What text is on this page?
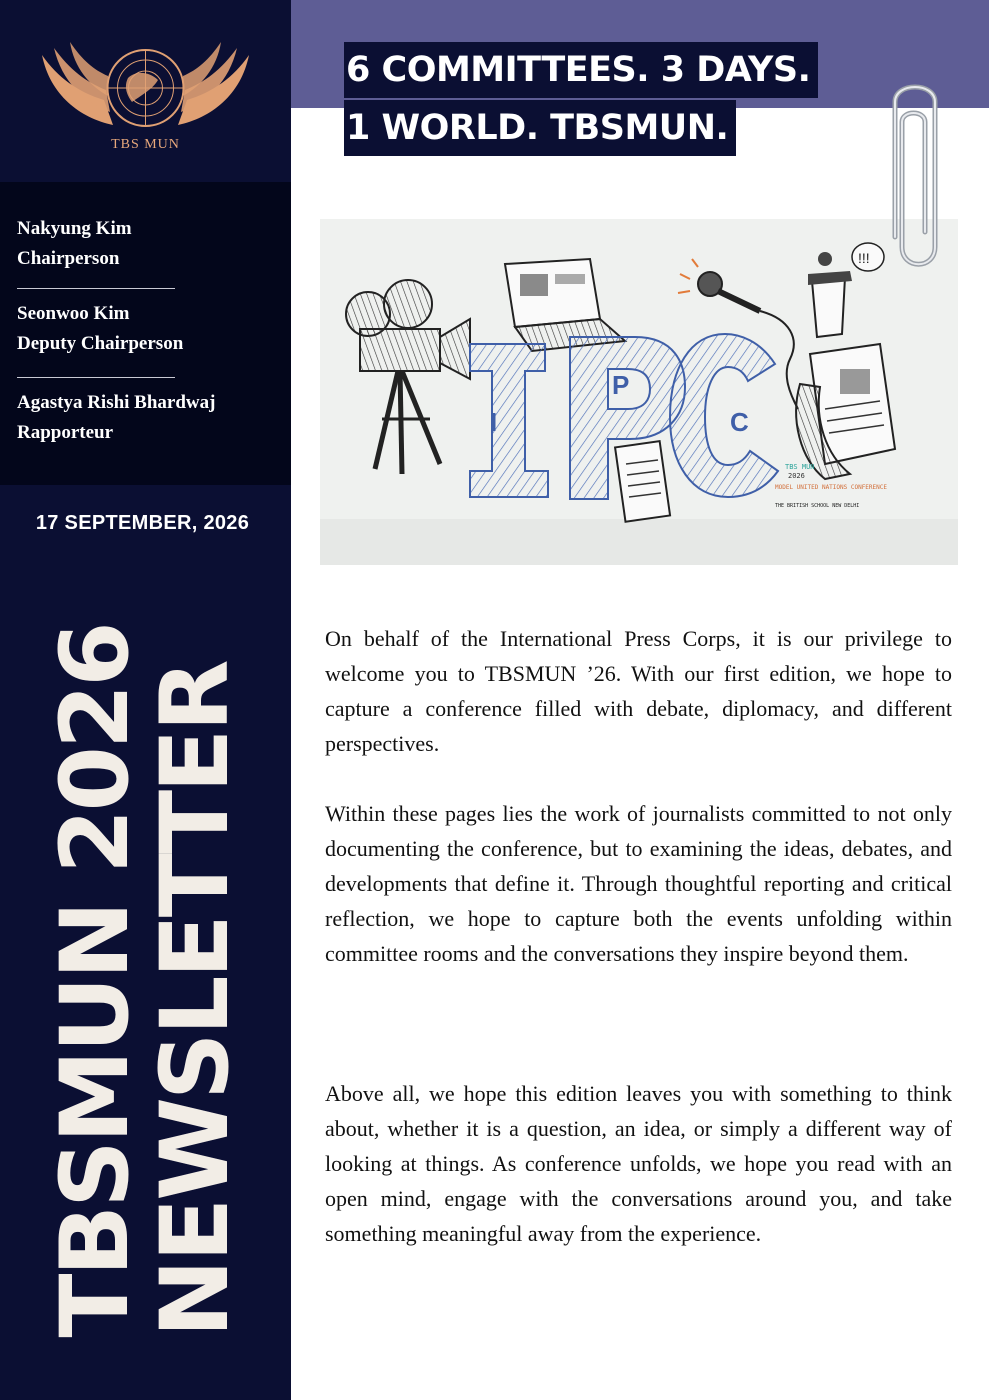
TBS MUN
Nakyung Kim
Chairperson
Seonwoo Kim
Deputy Chairperson
Agastya Rishi Bhardwaj
Rapporteur
17 SEPTEMBER, 2026
TBSMUN 2026
NEWSLETTER
6 COMMITTEES. 3 DAYS.
1 WORLD. TBSMUN.
I
P
C
!!!
TBS MUN
2026
MODEL UNITED NATIONS CONFERENCE
THE BRITISH SCHOOL NEW DELHI

On behalf of the International Press Corps, it is our privilege to welcome you to TBSMUN ’26. With our first edition, we hope to capture a conference filled with debate, diplomacy, and different perspectives.

Within these pages lies the work of journalists committed to not only documenting the conference, but to examining the ideas, debates, and developments that define it. Through thoughtful reporting and critical reflection, we hope to capture both the events unfolding within committee rooms and the conversations they inspire beyond them.

Above all, we hope this edition leaves you with something to think about, whether it is a question, an idea, or simply a different way of looking at things. As conference unfolds, we hope you read with an open mind, engage with the conversations around you, and take something meaningful away from the experience.
